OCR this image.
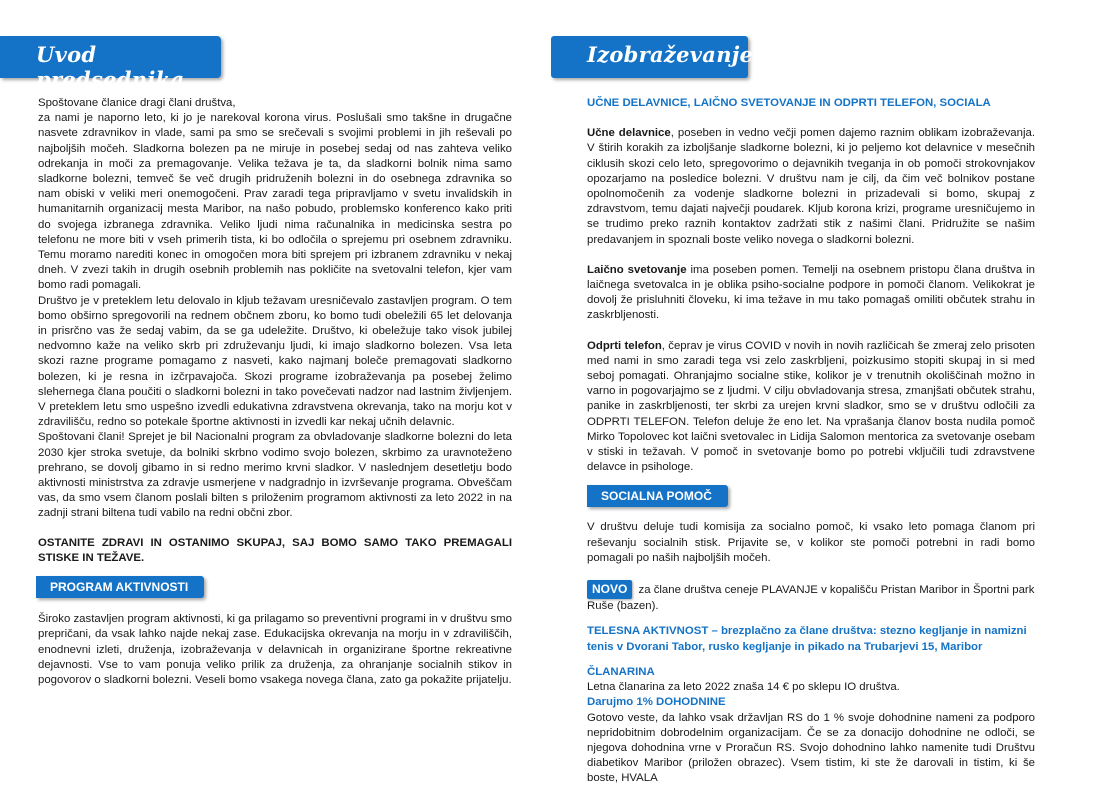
Uvod predsednika

Spoštovane članice dragi člani društva,

za nami je naporno leto, ki jo je narekoval korona virus. Poslušali smo takšne in drugačne nasvete zdravnikov in vlade, sami pa smo se srečevali s svojimi problemi in jih reševali po najboljših močeh. Sladkorna bolezen pa ne miruje in posebej sedaj od nas zahteva veliko odrekanja in moči za premagovanje. Velika težava je ta, da sladkorni bolnik nima samo sladkorne bolezni, temveč še več drugih pridruženih bolezni in do osebnega zdravnika so nam obiski v veliki meri onemogočeni. Prav zaradi tega pripravljamo v svetu invalidskih in humanitarnih organizacij mesta Maribor, na našo pobudo, problemsko konferenco kako priti do svojega izbranega zdravnika. Veliko ljudi nima računalnika in medicinska sestra po telefonu ne more biti v vseh primerih tista, ki bo odločila o sprejemu pri osebnem zdravniku. Temu moramo narediti konec in omogočen mora biti sprejem pri izbranem zdravniku v nekaj dneh. V zvezi takih in drugih osebnih problemih nas pokličite na svetovalni telefon, kjer vam bomo radi pomagali.

Društvo je v preteklem letu delovalo in kljub težavam uresničevalo zastavljen program. O tem bomo obširno spregovorili na rednem občnem zboru, ko bomo tudi obeležili 65 let delovanja in prisrčno vas že sedaj vabim, da se ga udeležite. Društvo, ki obeležuje tako visok jubilej nedvomno kaže na veliko skrb pri združevanju ljudi, ki imajo sladkorno bolezen. Vsa leta skozi razne programe pomagamo z nasveti, kako najmanj boleče premagovati sladkorno bolezen, ki je resna in izčrpavajoča. Skozi programe izobraževanja pa posebej želimo slehernega člana poučiti o sladkorni bolezni in tako povečevati nadzor nad lastnim življenjem. V preteklem letu smo uspešno izvedli edukativna zdravstvena okrevanja, tako na morju kot v zdravilišču, redno so potekale športne aktivnosti in izvedli kar nekaj učnih delavnic.

Spoštovani člani! Sprejet je bil Nacionalni program za obvladovanje sladkorne bolezni do leta 2030 kjer stroka svetuje, da bolniki skrbno vodimo svojo bolezen, skrbimo za uravnoteženo prehrano, se dovolj gibamo in si redno merimo krvni sladkor. V naslednjem desetletju bodo aktivnosti ministrstva za zdravje usmerjene v nadgradnjo in izvrševanje programa. Obveščam vas, da smo vsem članom poslali bilten s priloženim programom aktivnosti za leto 2022 in na zadnji strani biltena tudi vabilo na redni občni zbor.

OSTANITE ZDRAVI IN OSTANIMO SKUPAJ, SAJ BOMO SAMO TAKO PREMAGALI STISKE IN TEŽAVE.

PROGRAM AKTIVNOSTI

Široko zastavljen program aktivnosti, ki ga prilagamo so preventivni programi in v društvu smo prepričani, da vsak lahko najde nekaj zase. Edukacijska okrevanja na morju in v zdraviliščih, enodnevni izleti, druženja, izobraževanja v delavnicah in organizirane športne rekreativne dejavnosti. Vse to vam ponuja veliko prilik za druženja, za ohranjanje socialnih stikov in pogovorov o sladkorni bolezni. Veseli bomo vsakega novega člana, zato ga pokažite prijatelju.

Izobraževanje

UČNE DELAVNICE, LAIČNO SVETOVANJE IN ODPRTI TELEFON, SOCIALA

Učne delavnice, poseben in vedno večji pomen dajemo raznim oblikam izobraževanja. V štirih korakih za izboljšanje sladkorne bolezni, ki jo peljemo kot delavnice v mesečnih ciklusih skozi celo leto, spregovorimo o dejavnikih tveganja in ob pomoči strokovnjakov opozarjamo na posledice bolezni. V društvu nam je cilj, da čim več bolnikov postane opolnomočenih za vodenje sladkorne bolezni in prizadevali si bomo, skupaj z zdravstvom, temu dajati največji poudarek. Kljub korona krizi, programe uresničujemo in se trudimo preko raznih kontaktov zadržati stik z našimi člani. Pridružite se našim predavanjem in spoznali boste veliko novega o sladkorni bolezni.

Laično svetovanje ima poseben pomen. Temelji na osebnem pristopu člana društva in laičnega svetovalca in je oblika psiho-socialne podpore in pomoči članom. Velikokrat je dovolj že prisluhniti človeku, ki ima težave in mu tako pomagaš omiliti občutek strahu in zaskrbljenosti.

Odprti telefon, čeprav je virus COVID v novih in novih različicah še zmeraj zelo prisoten med nami in smo zaradi tega vsi zelo zaskrbljeni, poizkusimo stopiti skupaj in si med seboj pomagati. Ohranjajmo socialne stike, kolikor je v trenutnih okoliščinah možno in varno in pogovarjajmo se z ljudmi. V cilju obvladovanja stresa, zmanjšati občutek strahu, panike in zaskrbljenosti, ter skrbi za urejen krvni sladkor, smo se v društvu odločili za ODPRTI TELEFON. Telefon deluje že eno let. Na vprašanja članov bosta nudila pomoč Mirko Topolovec kot laični svetovalec in Lidija Salomon mentorica za svetovanje osebam v stiski in težavah. V pomoč in svetovanje bomo po potrebi vključili tudi zdravstvene delavce in psihologe.

SOCIALNA POMOČ

V društvu deluje tudi komisija za socialno pomoč, ki vsako leto pomaga članom pri reševanju socialnih stisk. Prijavite se, v kolikor ste pomoči potrebni in radi bomo pomagali po naših najboljših močeh.

NOVO za člane društva ceneje PLAVANJE v kopališču Pristan Maribor in Športni park Ruše (bazen).

TELESNA AKTIVNOST – brezplačno za člane društva: stezno kegljanje in namizni tenis v Dvorani Tabor, rusko kegljanje in pikado na Trubarjevi 15, Maribor

ČLANARINA

Letna članarina za leto 2022 znaša 14 € po sklepu IO društva.

Darujmo 1% DOHODNINE

Gotovo veste, da lahko vsak državljan RS do 1 % svoje dohodnine nameni za podporo nepridobitnim dobrodelnim organizacijam. Če se za donacijo dohodnine ne odloči, se njegova dohodnina vrne v Proračun RS. Svojo dohodnino lahko namenite tudi Društvu diabetikov Maribor (priložen obrazec). Vsem tistim, ki ste že darovali in tistim, ki še boste, HVALA
